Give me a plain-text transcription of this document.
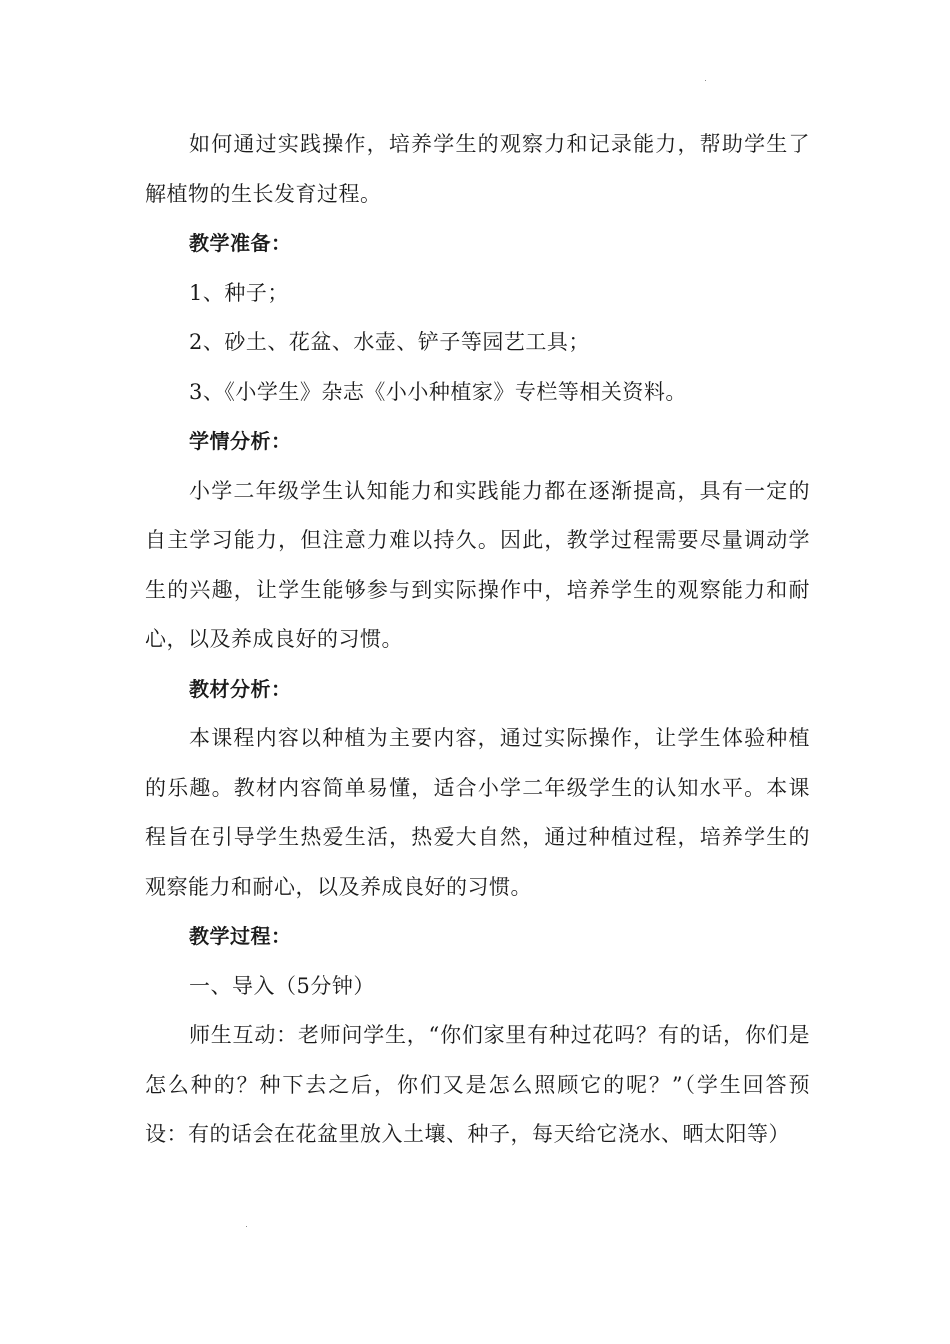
如何通过实践操作，培养学生的观察力和记录能力，帮助学生了解植物的生长发育过程。

教学准备：

1、种子；

2、砂土、花盆、水壶、铲子等园艺工具；

3、《小学生》杂志《小小种植家》专栏等相关资料。

学情分析：

小学二年级学生认知能力和实践能力都在逐渐提高，具有一定的自主学习能力，但注意力难以持久。因此，教学过程需要尽量调动学生的兴趣，让学生能够参与到实际操作中，培养学生的观察能力和耐心，以及养成良好的习惯。

教材分析：

本课程内容以种植为主要内容，通过实际操作，让学生体验种植的乐趣。教材内容简单易懂，适合小学二年级学生的认知水平。本课程旨在引导学生热爱生活，热爱大自然，通过种植过程，培养学生的观察能力和耐心，以及养成良好的习惯。

教学过程：

一、导入（5分钟）

师生互动：老师问学生，“你们家里有种过花吗？有的话，你们是怎么种的？种下去之后，你们又是怎么照顾它的呢？”（学生回答预设：有的话会在花盆里放入土壤、种子，每天给它浇水、晒太阳等）
